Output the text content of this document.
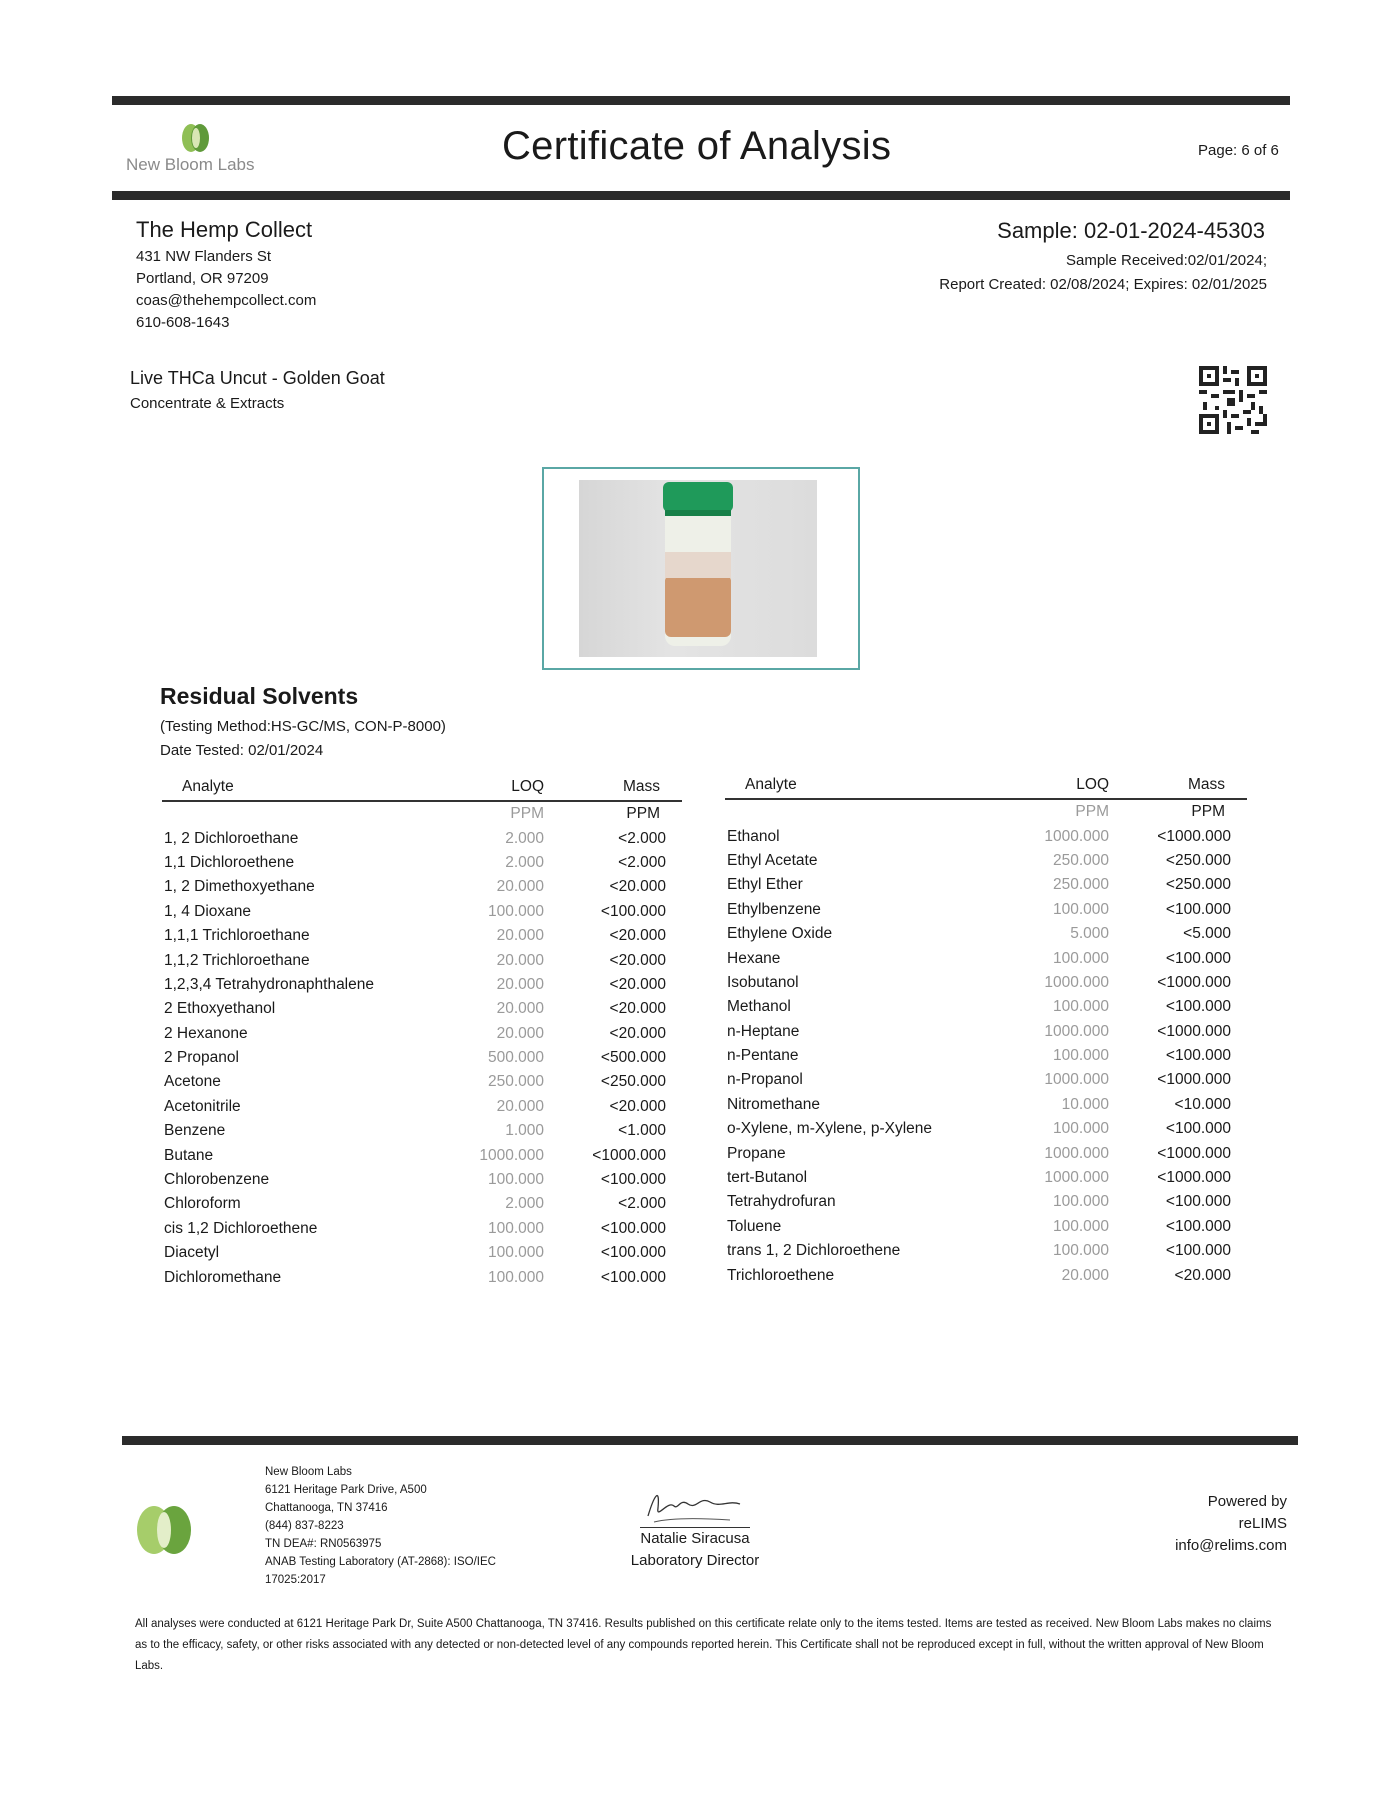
New Bloom Labs	Certificate of Analysis	Page: 6 of 6
The Hemp Collect
431 NW Flanders St
Portland, OR 97209
coas@thehempcollect.com
610-608-1643
Sample: 02-01-2024-45303
Sample Received:02/01/2024;
Report Created: 02/08/2024; Expires: 02/01/2025
Live THCa Uncut - Golden Goat
Concentrate & Extracts
Residual Solvents
(Testing Method:HS-GC/MS, CON-P-8000)
Date Tested: 02/01/2024
Analyte	LOQ	Mass
	PPM	PPM
1, 2 Dichloroethane	2.000	<2.000
1,1 Dichloroethene	2.000	<2.000
1, 2 Dimethoxyethane	20.000	<20.000
1, 4 Dioxane	100.000	<100.000
1,1,1 Trichloroethane	20.000	<20.000
1,1,2 Trichloroethane	20.000	<20.000
1,2,3,4 Tetrahydronaphthalene	20.000	<20.000
2 Ethoxyethanol	20.000	<20.000
2 Hexanone	20.000	<20.000
2 Propanol	500.000	<500.000
Acetone	250.000	<250.000
Acetonitrile	20.000	<20.000
Benzene	1.000	<1.000
Butane	1000.000	<1000.000
Chlorobenzene	100.000	<100.000
Chloroform	2.000	<2.000
cis 1,2 Dichloroethene	100.000	<100.000
Diacetyl	100.000	<100.000
Dichloromethane	100.000	<100.000
Analyte	LOQ	Mass
	PPM	PPM
Ethanol	1000.000	<1000.000
Ethyl Acetate	250.000	<250.000
Ethyl Ether	250.000	<250.000
Ethylbenzene	100.000	<100.000
Ethylene Oxide	5.000	<5.000
Hexane	100.000	<100.000
Isobutanol	1000.000	<1000.000
Methanol	100.000	<100.000
n-Heptane	1000.000	<1000.000
n-Pentane	100.000	<100.000
n-Propanol	1000.000	<1000.000
Nitromethane	10.000	<10.000
o-Xylene, m-Xylene, p-Xylene	100.000	<100.000
Propane	1000.000	<1000.000
tert-Butanol	1000.000	<1000.000
Tetrahydrofuran	100.000	<100.000
Toluene	100.000	<100.000
trans 1, 2 Dichloroethene	100.000	<100.000
Trichloroethene	20.000	<20.000
New Bloom Labs
6121 Heritage Park Drive, A500
Chattanooga, TN 37416
(844) 837-8223
TN DEA#: RN0563975
ANAB Testing Laboratory (AT-2868): ISO/IEC
17025:2017
Natalie Siracusa
Laboratory Director
Powered by
reLIMS
info@relims.com
All analyses were conducted at 6121 Heritage Park Dr, Suite A500 Chattanooga, TN 37416. Results published on this certificate relate only to the items tested. Items are tested as received. New Bloom Labs makes no claims as to the efficacy, safety, or other risks associated with any detected or non-detected level of any compounds reported herein. This Certificate shall not be reproduced except in full, without the written approval of New Bloom Labs.
